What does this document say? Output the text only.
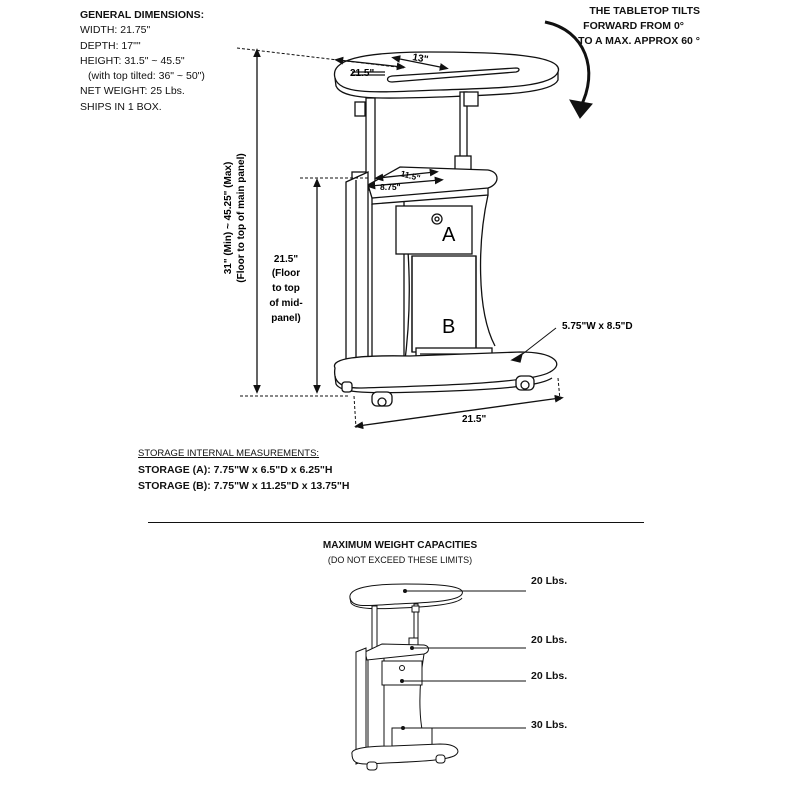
GENERAL DIMENSIONS:
WIDTH: 21.75"
DEPTH: 17""
HEIGHT: 31.5" ~ 45.5"
(with top tilted: 36" ~ 50")
NET WEIGHT: 25 Lbs.
SHIPS IN 1 BOX.
THE TABLETOP TILTS
FORWARD FROM 0°
TO A MAX. APPROX 60 °
21.5"
13"
11.5"
8.75"
A
B	5.75"W x 8.5"D
21.5"
31" (Min) ~ 45.25" (Max) (Floor to top of main panel)	21.5"
(Floor
to top
of mid-
panel)
STORAGE INTERNAL MEASUREMENTS:
STORAGE (A): 7.75"W x 6.5"D x 6.25"H
STORAGE (B): 7.75"W x 11.25"D x 13.75"H
MAXIMUM WEIGHT CAPACITIES
(DO NOT EXCEED THESE LIMITS)
20 Lbs.
20 Lbs.
20 Lbs.
30 Lbs.
